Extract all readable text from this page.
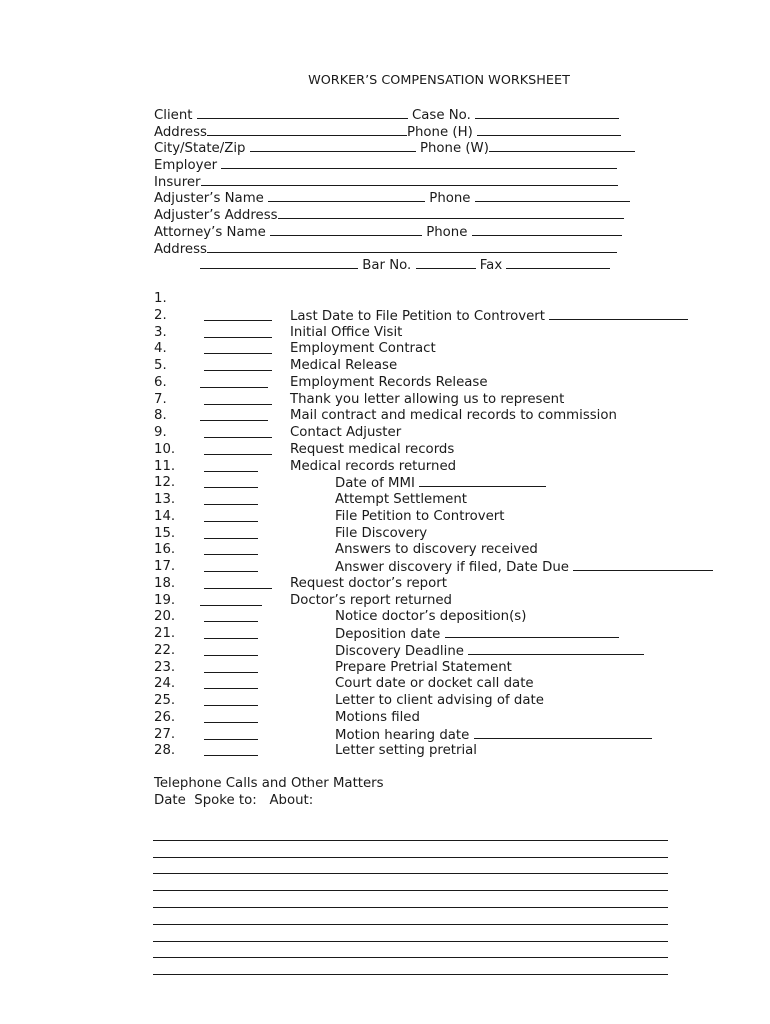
WORKER’S COMPENSATION WORKSHEET
Client	Case No.
Address	Phone (H)
City/State/Zip	Phone (W)
Employer
Insurer
Adjuster’s Name	Phone
Adjuster’s Address
Attorney’s Name	Phone
Address
Bar No.	Fax
1.
2.	Last Date to File Petition to Controvert
3.	Initial Office Visit
4.	Employment Contract
5.	Medical Release
6.	Employment Records Release
7.	Thank you letter allowing us to represent
8.	Mail contract and medical records to commission
9.	Contact Adjuster
10.	Request medical records
11.	Medical records returned
12.	Date of MMI
13.	Attempt Settlement
14.	File Petition to Controvert
15.	File Discovery
16.	Answers to discovery received
17.	Answer discovery if filed, Date Due
18.	Request doctor’s report
19.	Doctor’s report returned
20.	Notice doctor’s deposition(s)
21.	Deposition date
22.	Discovery Deadline
23.	Prepare Pretrial Statement
24.	Court date or docket call date
25.	Letter to client advising of date
26.	Motions filed
27.	Motion hearing date
28.	Letter setting pretrial
Telephone Calls and Other Matters
Date Spoke to: About:
